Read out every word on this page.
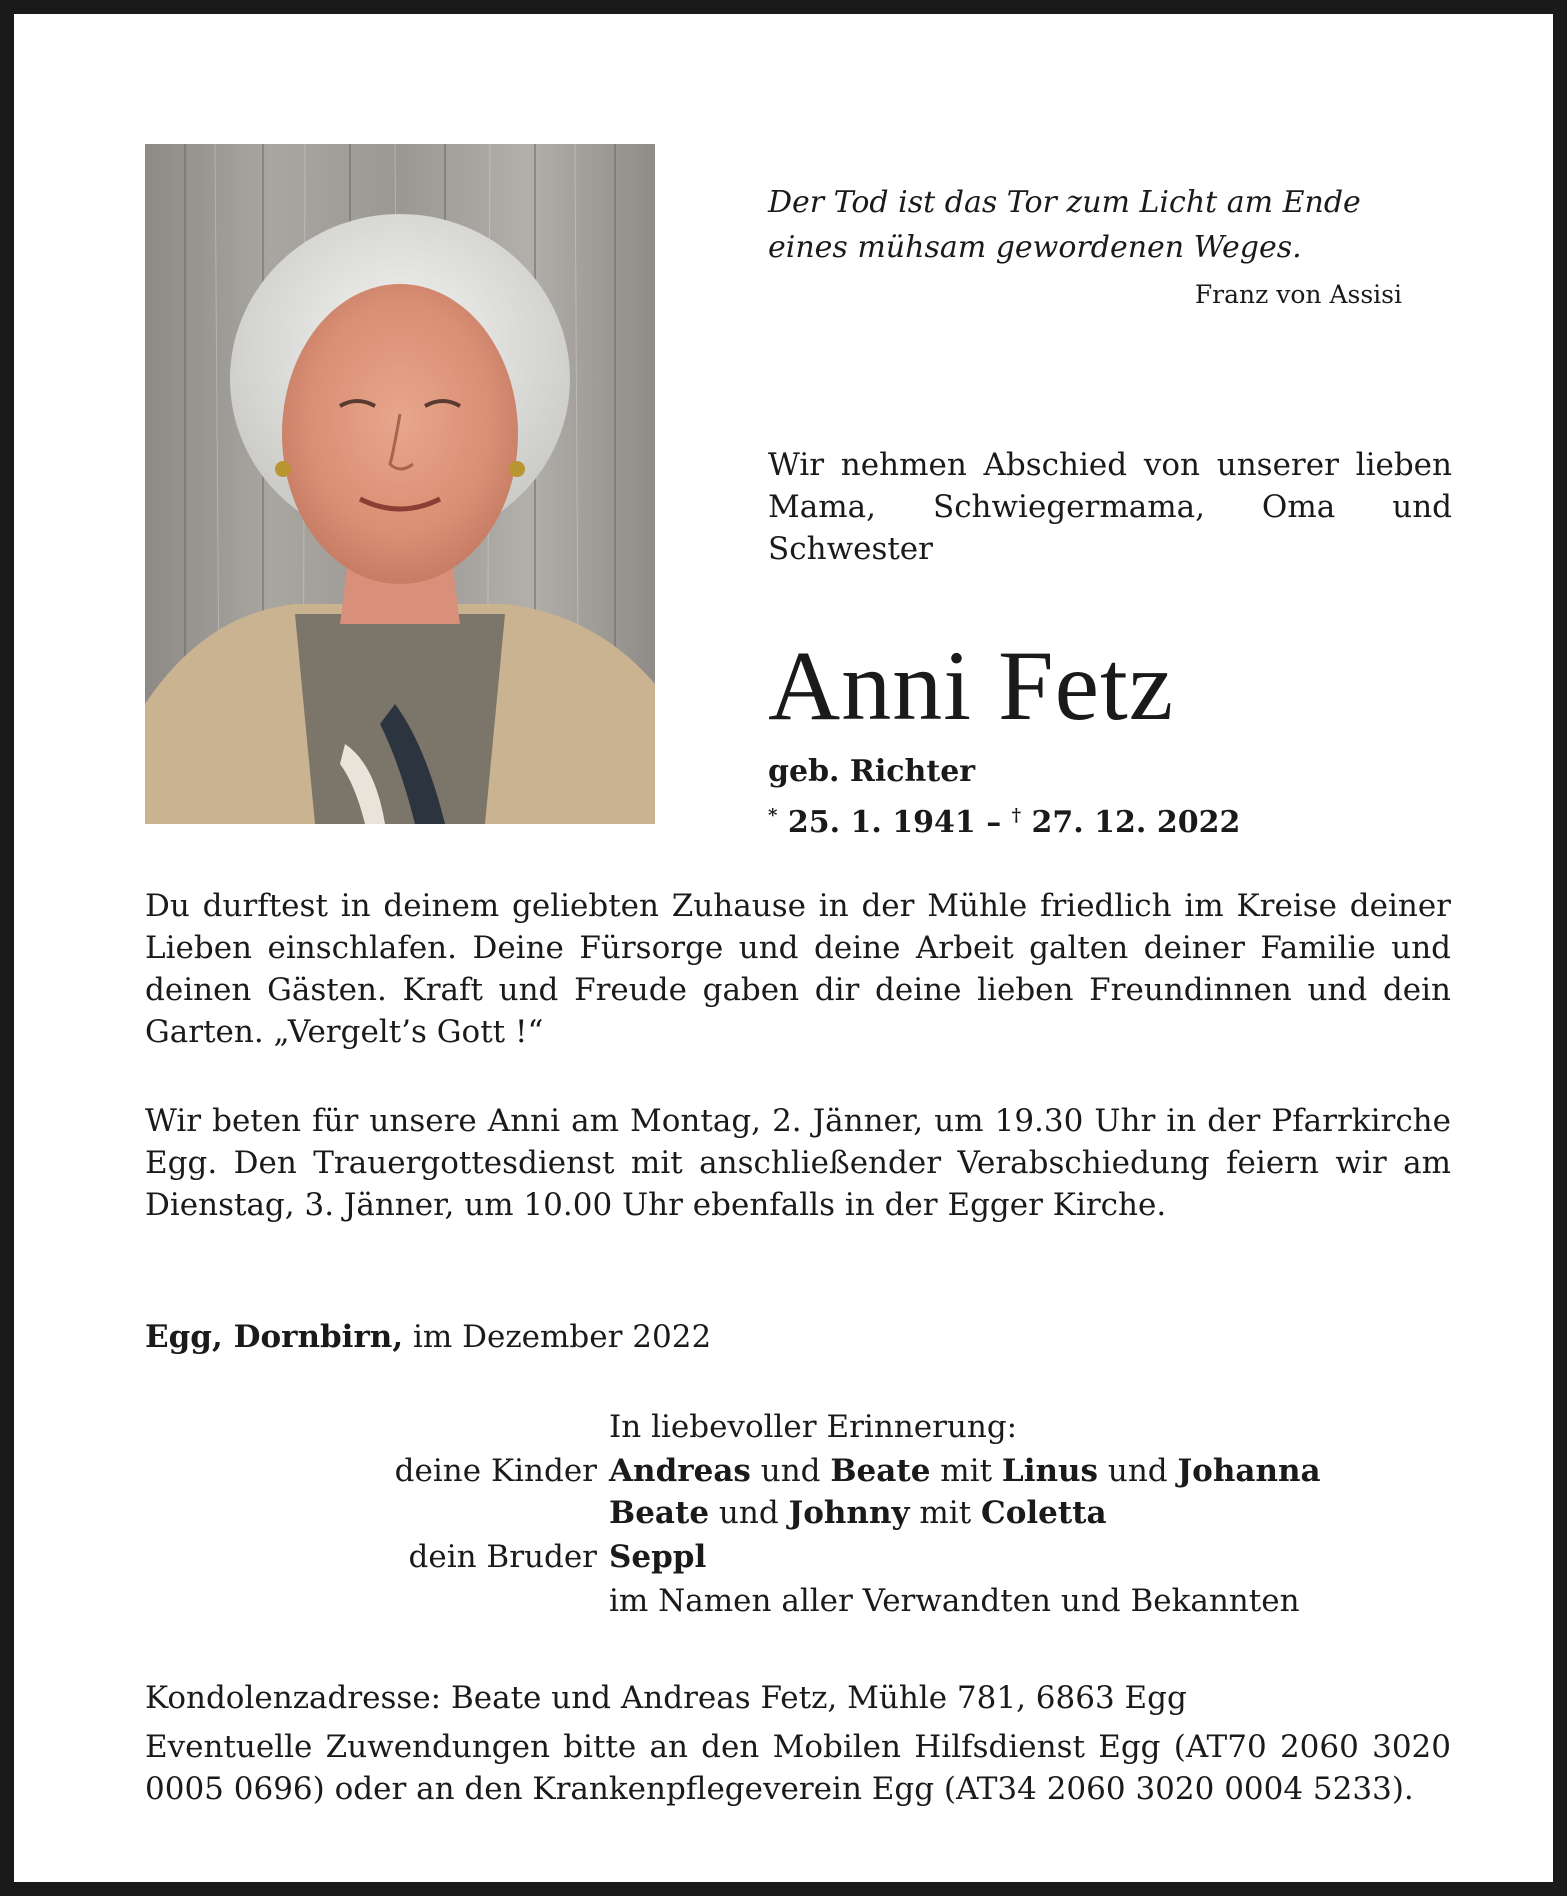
Der Tod ist das Tor zum Licht am Ende
eines mühsam gewordenen Weges.
Franz von Assisi
Wir nehmen Abschied von unserer lieben Mama, Schwiegermama, Oma und Schwester
Anni Fetz
geb. Richter
* 25. 1. 1941 – † 27. 12. 2022
Du durftest in deinem geliebten Zuhause in der Mühle friedlich im Kreise deiner Lieben einschlafen. Deine Fürsorge und deine Arbeit galten deiner Familie und deinen Gästen. Kraft und Freude gaben dir deine lieben Freundinnen und dein Garten. „Vergelt’s Gott !“
Wir beten für unsere Anni am Montag, 2. Jänner, um 19.30 Uhr in der Pfarrkirche Egg. Den Trauergottesdienst mit anschließender Verabschiedung feiern wir am Dienstag, 3. Jänner, um 10.00 Uhr ebenfalls in der Egger Kirche.
Egg, Dornbirn, im Dezember 2022
In liebevoller Erinnerung:
deine Kinder Andreas und Beate mit Linus und Johanna
Beate und Johnny mit Coletta
dein Bruder Seppl
im Namen aller Verwandten und Bekannten
Kondolenzadresse: Beate und Andreas Fetz, Mühle 781, 6863 Egg
Eventuelle Zuwendungen bitte an den Mobilen Hilfsdienst Egg (AT70 2060 3020 0005 0696) oder an den Krankenpflegeverein Egg (AT34 2060 3020 0004 5233).
